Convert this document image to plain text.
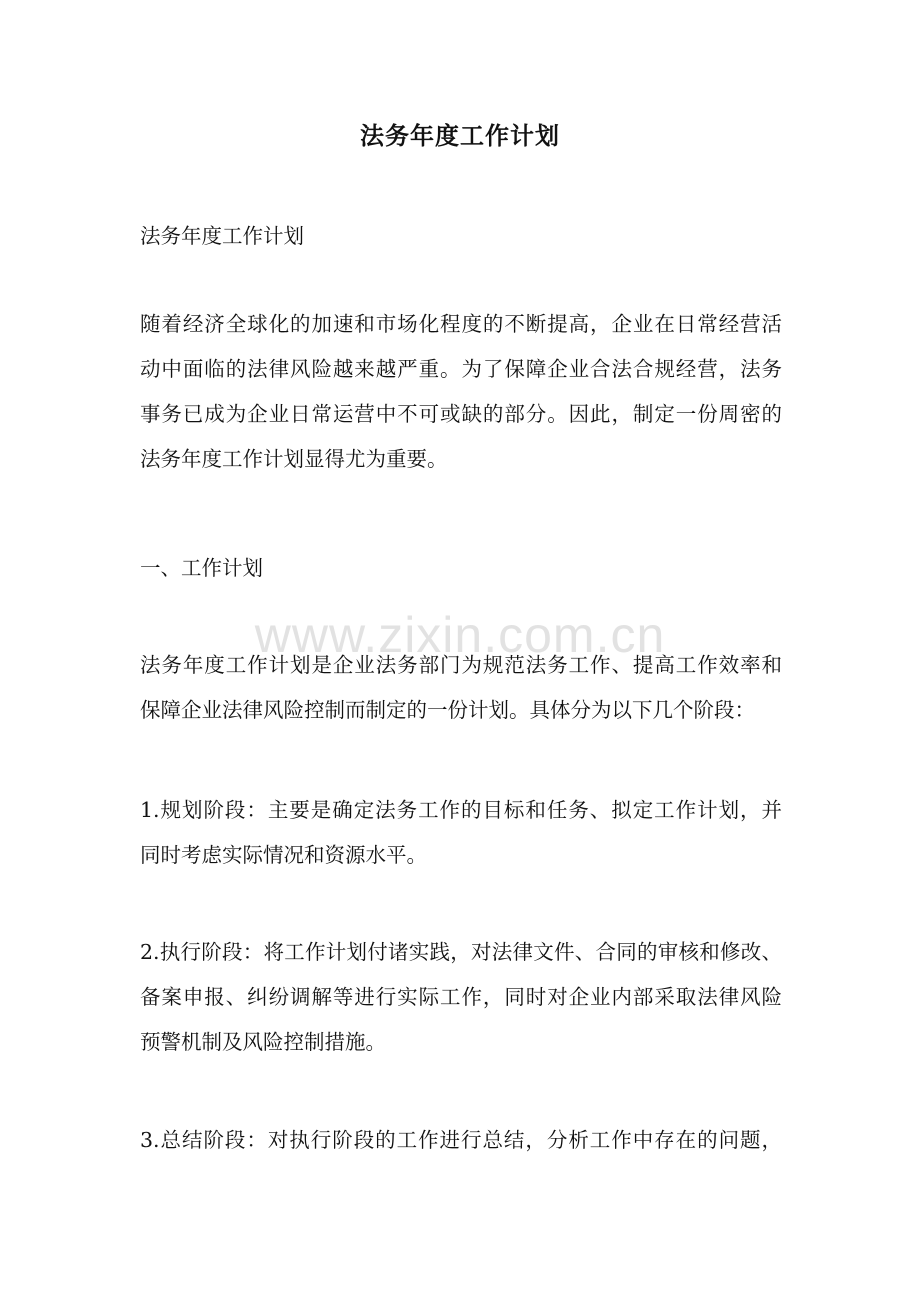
法务年度工作计划

法务年度工作计划

随着经济全球化的加速和市场化程度的不断提高，企业在日常经营活
动中面临的法律风险越来越严重。为了保障企业合法合规经营，法务
事务已成为企业日常运营中不可或缺的部分。因此，制定一份周密的
法务年度工作计划显得尤为重要。

一、工作计划

www.zixin.com.cn

法务年度工作计划是企业法务部门为规范法务工作、提高工作效率和
保障企业法律风险控制而制定的一份计划。具体分为以下几个阶段：

1.规划阶段：主要是确定法务工作的目标和任务、拟定工作计划，并
同时考虑实际情况和资源水平。

2.执行阶段：将工作计划付诸实践，对法律文件、合同的审核和修改、
备案申报、纠纷调解等进行实际工作，同时对企业内部采取法律风险
预警机制及风险控制措施。

3.总结阶段：对执行阶段的工作进行总结，分析工作中存在的问题，
